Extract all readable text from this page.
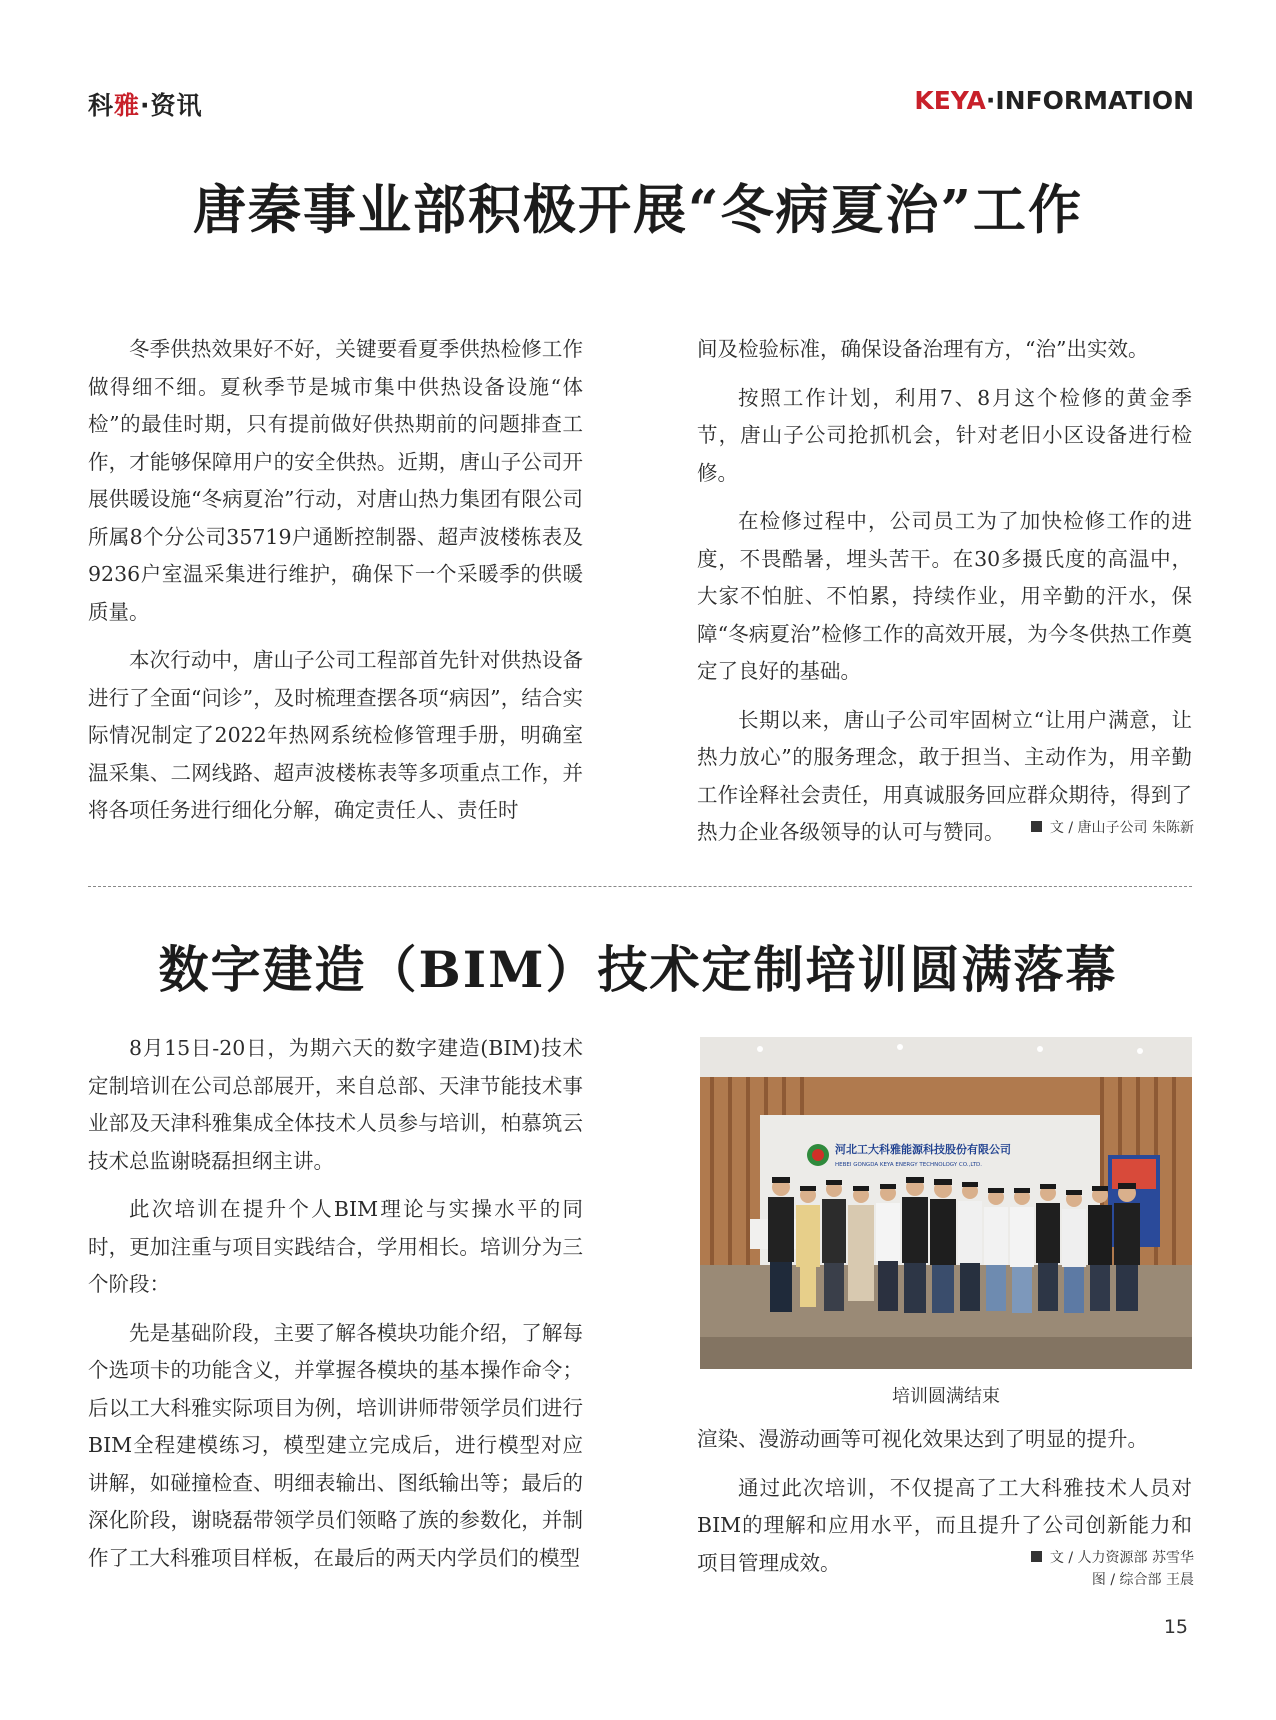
科雅·资讯	KEYA·INFORMATION
唐秦事业部积极开展“冬病夏治”工作

冬季供热效果好不好，关键要看夏季供热检修工作做得细不细。夏秋季节是城市集中供热设备设施“体检”的最佳时期，只有提前做好供热期前的问题排查工作，才能够保障用户的安全供热。近期，唐山子公司开展供暖设施“冬病夏治”行动，对唐山热力集团有限公司所属8个分公司35719户通断控制器、超声波楼栋表及9236户室温采集进行维护，确保下一个采暖季的供暖质量。

本次行动中，唐山子公司工程部首先针对供热设备进行了全面“问诊”，及时梳理查摆各项“病因”，结合实际情况制定了2022年热网系统检修管理手册，明确室温采集、二网线路、超声波楼栋表等多项重点工作，并将各项任务进行细化分解，确定责任人、责任时

间及检验标准，确保设备治理有方，“治”出实效。

按照工作计划，利用7、8月这个检修的黄金季节，唐山子公司抢抓机会，针对老旧小区设备进行检修。

在检修过程中，公司员工为了加快检修工作的进度，不畏酷暑，埋头苦干。在30多摄氏度的高温中，大家不怕脏、不怕累，持续作业，用辛勤的汗水，保障“冬病夏治”检修工作的高效开展，为今冬供热工作奠定了良好的基础。

长期以来，唐山子公司牢固树立“让用户满意，让热力放心”的服务理念，敢于担当、主动作为，用辛勤工作诠释社会责任，用真诚服务回应群众期待，得到了热力企业各级领导的认可与赞同。	文 / 唐山子公司 朱陈新
数字建造（BIM）技术定制培训圆满落幕

8月15日-20日，为期六天的数字建造(BIM)技术定制培训在公司总部展开，来自总部、天津节能技术事业部及天津科雅集成全体技术人员参与培训，柏慕筑云技术总监谢晓磊担纲主讲。

此次培训在提升个人BIM理论与实操水平的同时，更加注重与项目实践结合，学用相长。培训分为三个阶段：

先是基础阶段，主要了解各模块功能介绍，了解每个选项卡的功能含义，并掌握各模块的基本操作命令；后以工大科雅实际项目为例，培训讲师带领学员们进行BIM全程建模练习，模型建立完成后，进行模型对应讲解，如碰撞检查、明细表输出、图纸输出等；最后的深化阶段，谢晓磊带领学员们领略了族的参数化，并制作了工大科雅项目样板，在最后的两天内学员们的模型

河北工大科雅能源科技股份有限公司
HEBEI GONGDA KEYA ENERGY TECHNOLOGY CO.,LTD.
培训圆满结束

渲染、漫游动画等可视化效果达到了明显的提升。

通过此次培训，不仅提高了工大科雅技术人员对BIM的理解和应用水平，而且提升了公司创新能力和项目管理成效。	文 / 人力资源部 苏雪华
图 / 综合部 王晨
15
